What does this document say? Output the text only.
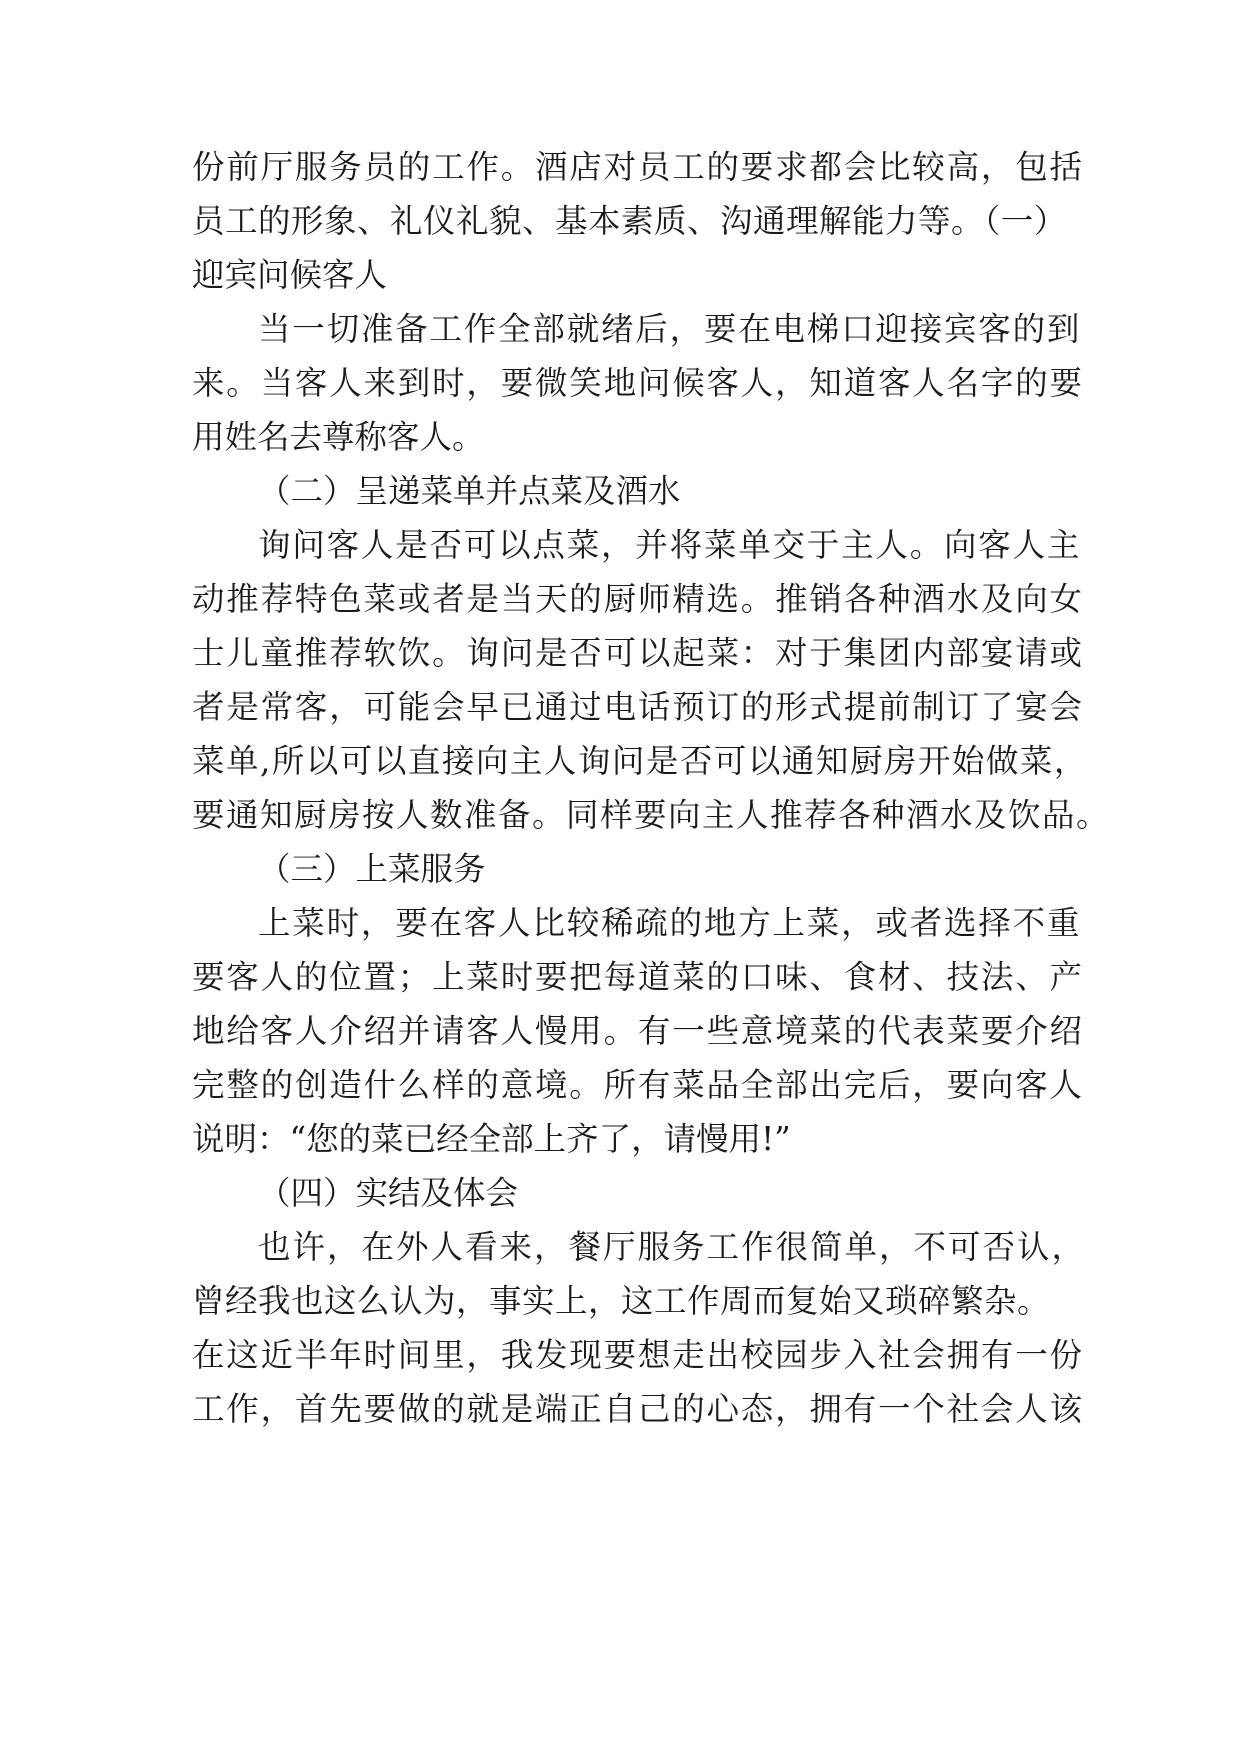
份前厅服务员的工作。酒店对员工的要求都会比较高，包括
员工的形象、礼仪礼貌、基本素质、沟通理解能力等。（一）
迎宾问候客人
当一切准备工作全部就绪后，要在电梯口迎接宾客的到
来。当客人来到时，要微笑地问候客人，知道客人名字的要
用姓名去尊称客人。
（二）呈递菜单并点菜及酒水
询问客人是否可以点菜，并将菜单交于主人。向客人主
动推荐特色菜或者是当天的厨师精选。推销各种酒水及向女
士儿童推荐软饮。询问是否可以起菜：对于集团内部宴请或
者是常客，可能会早已通过电话预订的形式提前制订了宴会
菜单,所以可以直接向主人询问是否可以通知厨房开始做菜，
要通知厨房按人数准备。同样要向主人推荐各种酒水及饮品。
（三）上菜服务
上菜时，要在客人比较稀疏的地方上菜，或者选择不重
要客人的位置；上菜时要把每道菜的口味、食材、技法、产
地给客人介绍并请客人慢用。有一些意境菜的代表菜要介绍
完整的创造什么样的意境。所有菜品全部出完后，要向客人
说明：“您的菜已经全部上齐了，请慢用!”
（四）实结及体会
也许，在外人看来，餐厅服务工作很简单，不可否认，
曾经我也这么认为，事实上，这工作周而复始又琐碎繁杂。
在这近半年时间里，我发现要想走出校园步入社会拥有一份
工作，首先要做的就是端正自己的心态，拥有一个社会人该
